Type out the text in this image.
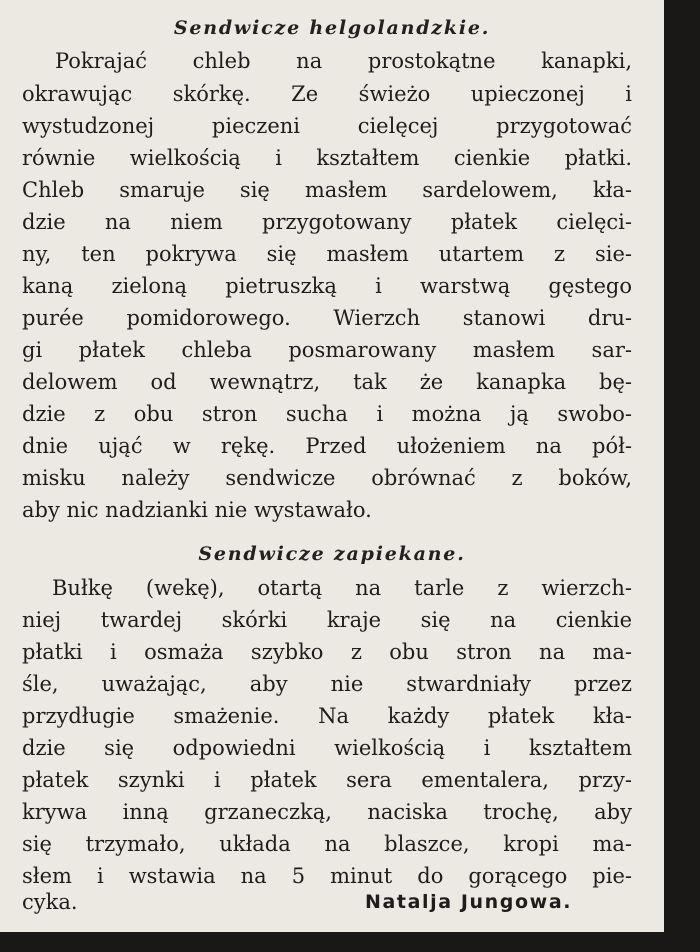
Sendwicze helgolandzkie.
Pokrajać chleb na prostokątne kanapki,
okrawując skórkę. Ze świeżo upieczonej i
wystudzonej pieczeni cielęcej przygotować
równie wielkością i kształtem cienkie płatki.
Chleb smaruje się masłem sardelowem, kła-
dzie na niem przygotowany płatek cielęci-
ny, ten pokrywa się masłem utartem z sie-
kaną zieloną pietruszką i warstwą gęstego
purée pomidorowego. Wierzch stanowi dru-
gi płatek chleba posmarowany masłem sar-
delowem od wewnątrz, tak że kanapka bę-
dzie z obu stron sucha i można ją swobo-
dnie ująć w rękę. Przed ułożeniem na pół-
misku należy sendwicze obrównać z boków,
aby nic nadzianki nie wystawało.
Sendwicze zapiekane.
Bułkę (wekę), otartą na tarle z wierzch-
niej twardej skórki kraje się na cienkie
płatki i osmaża szybko z obu stron na ma-
śle, uważając, aby nie stwardniały przez
przydługie smażenie. Na każdy płatek kła-
dzie się odpowiedni wielkością i kształtem
płatek szynki i płatek sera ementalera, przy-
krywa inną grzaneczką, naciska trochę, aby
się trzymało, układa na blaszce, kropi ma-
słem i wstawia na 5 minut do gorącego pie-
cyka.	Natalja Jungowa.
